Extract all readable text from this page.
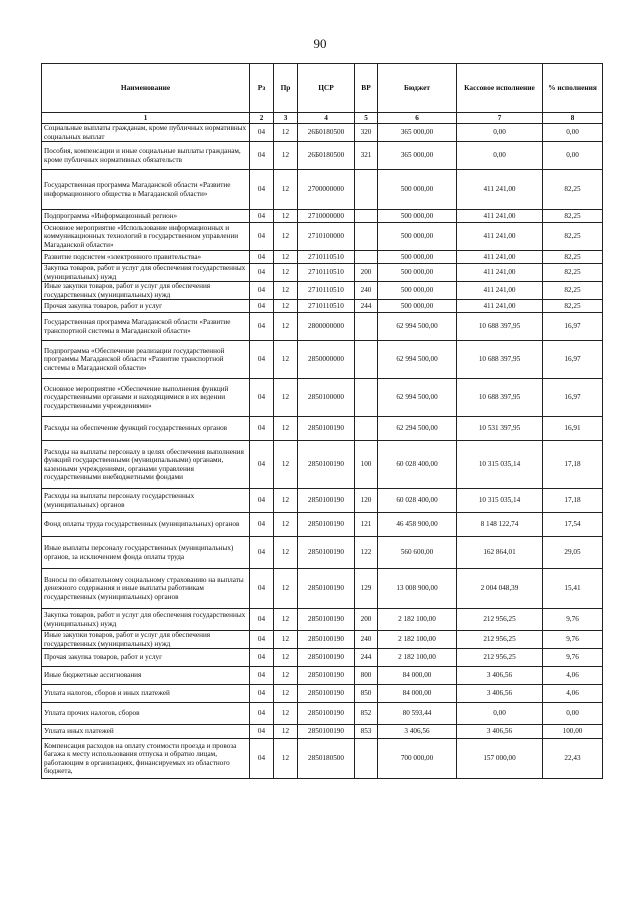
90
Наименование	Рз	Пр	ЦСР	ВР	Бюджет	Кассовое исполнение	% исполнения
1	2	3	4	5	6	7	8
Социальные выплаты гражданам, кроме публичных нормативных социальных выплат	04	12	26Б0180500	320	365 000,00	0,00	0,00
Пособия, компенсации и иные социальные выплаты гражданам, кроме публичных нормативных обязательств	04	12	26Б0180500	321	365 000,00	0,00	0,00
Государственная программа Магаданской области «Развитие информационного общества в Магаданской области»	04	12	2700000000		500 000,00	411 241,00	82,25
Подпрограмма «Информационный регион»	04	12	2710000000		500 000,00	411 241,00	82,25
Основное мероприятие «Использование информационных и коммуникационных технологий в государственном управлении Магаданской области»	04	12	2710100000		500 000,00	411 241,00	82,25
Развитие подсистем «электронного правительства»	04	12	2710110510		500 000,00	411 241,00	82,25
Закупка товаров, работ и услуг для обеспечения государственных (муниципальных) нужд	04	12	2710110510	200	500 000,00	411 241,00	82,25
Иные закупки товаров, работ и услуг для обеспечения государственных (муниципальных) нужд	04	12	2710110510	240	500 000,00	411 241,00	82,25
Прочая закупка товаров, работ и услуг	04	12	2710110510	244	500 000,00	411 241,00	82,25
Государственная программа Магаданской области «Развитие транспортной системы в Магаданской области»	04	12	2800000000		62 994 500,00	10 688 397,95	16,97
Подпрограмма «Обеспечение реализации государственной программы Магаданской области «Развитие транспортной системы в Магаданской области»	04	12	2850000000		62 994 500,00	10 688 397,95	16,97
Основное мероприятие «Обеспечение выполнения функций государственными органами и находящимися в их ведении государственными учреждениями»	04	12	2850100000		62 994 500,00	10 688 397,95	16,97
Расходы на обеспечение функций государственных органов	04	12	2850100190		62 294 500,00	10 531 397,95	16,91
Расходы на выплаты персоналу в целях обеспечения выполнения функций государственными (муниципальными) органами, казенными учреждениями, органами управления государственными внебюджетными фондами	04	12	2850100190	100	60 028 400,00	10 315 035,14	17,18
Расходы на выплаты персоналу государственных (муниципальных) органов	04	12	2850100190	120	60 028 400,00	10 315 035,14	17,18
Фонд оплаты труда государственных (муниципальных) органов	04	12	2850100190	121	46 458 900,00	8 148 122,74	17,54
Иные выплаты персоналу государственных (муниципальных) органов, за исключением фонда оплаты труда	04	12	2850100190	122	560 600,00	162 864,01	29,05
Взносы по обязательному социальному страхованию на выплаты денежного содержания и иные выплаты работникам государственных (муниципальных) органов	04	12	2850100190	129	13 008 900,00	2 004 048,39	15,41
Закупка товаров, работ и услуг для обеспечения государственных (муниципальных) нужд	04	12	2850100190	200	2 182 100,00	212 956,25	9,76
Иные закупки товаров, работ и услуг для обеспечения государственных (муниципальных) нужд	04	12	2850100190	240	2 182 100,00	212 956,25	9,76
Прочая закупка товаров, работ и услуг	04	12	2850100190	244	2 182 100,00	212 956,25	9,76
Иные бюджетные ассигнования	04	12	2850100190	800	84 000,00	3 406,56	4,06
Уплата налогов, сборов и иных платежей	04	12	2850100190	850	84 000,00	3 406,56	4,06
Уплата прочих налогов, сборов	04	12	2850100190	852	80 593,44	0,00	0,00
Уплата иных платежей	04	12	2850100190	853	3 406,56	3 406,56	100,00
Компенсация расходов на оплату стоимости проезда и провоза багажа к месту использования отпуска и обратно лицам, работающим в организациях, финансируемых из областного бюджета,	04	12	2850180500		700 000,00	157 000,00	22,43
